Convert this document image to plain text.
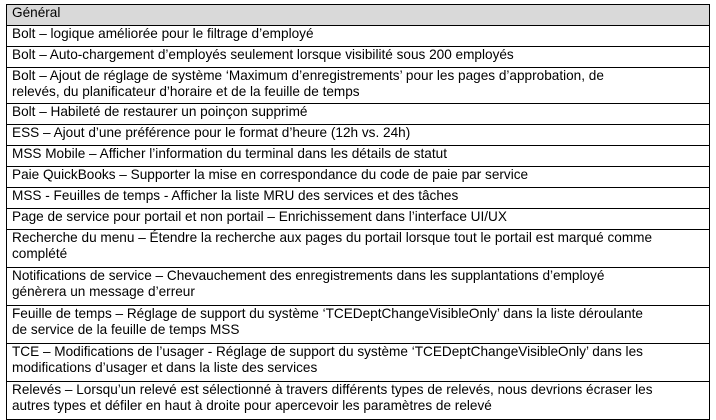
Général

Bolt – logique améliorée pour le filtrage d’employé

Bolt – Auto-chargement d’employés seulement lorsque visibilité sous 200 employés

Bolt – Ajout de réglage de système ‘Maximum d’enregistrements’ pour les pages d’approbation, de
relevés, du planificateur d’horaire et de la feuille de temps

Bolt – Habileté de restaurer un poinçon supprimé

ESS – Ajout d’une préférence pour le format d’heure (12h vs. 24h)

MSS Mobile – Afficher l’information du terminal dans les détails de statut

Paie QuickBooks – Supporter la mise en correspondance du code de paie par service

MSS - Feuilles de temps - Afficher la liste MRU des services et des tâches

Page de service pour portail et non portail – Enrichissement dans l’interface UI/UX

Recherche du menu – Étendre la recherche aux pages du portail lorsque tout le portail est marqué comme
complété

Notifications de service – Chevauchement des enregistrements dans les supplantations d’employé
génèrera un message d’erreur

Feuille de temps – Réglage de support du système ‘TCEDeptChangeVisibleOnly’ dans la liste déroulante
de service de la feuille de temps MSS

TCE – Modifications de l’usager - Réglage de support du système ‘TCEDeptChangeVisibleOnly’ dans les
modifications d’usager et dans la liste des services

Relevés – Lorsqu’un relevé est sélectionné à travers différents types de relevés, nous devrions écraser les
autres types et défiler en haut à droite pour apercevoir les paramètres de relevé
